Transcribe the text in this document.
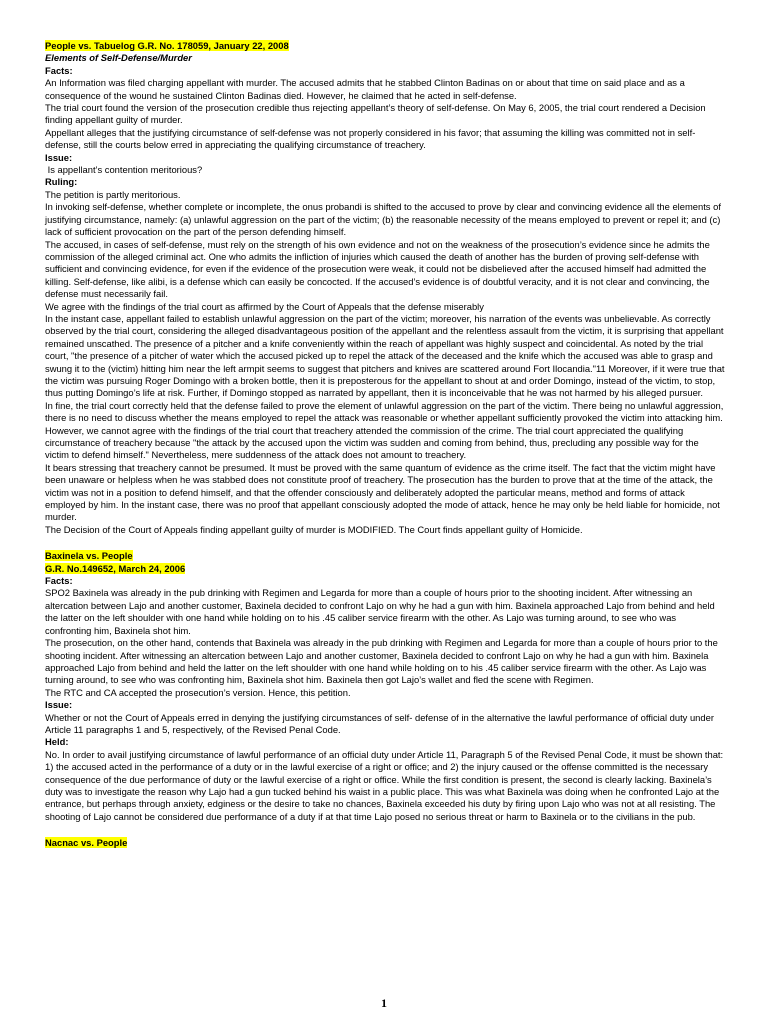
People vs. Tabuelog G.R. No. 178059, January 22, 2008
Elements of Self-Defense/Murder
Facts:

An Information was filed charging appellant with murder. The accused admits that he stabbed Clinton Badinas on or about that time on said place and as a consequence of the wound he sustained Clinton Badinas died. However, he claimed that he acted in self-defense.

The trial court found the version of the prosecution credible thus rejecting appellant’s theory of self-defense. On May 6, 2005, the trial court rendered a Decision finding appellant guilty of murder.

Appellant alleges that the justifying circumstance of self-defense was not properly considered in his favor; that assuming the killing was committed not in self-defense, still the courts below erred in appreciating the qualifying circumstance of treachery.

Issue:

Is appellant’s contention meritorious?

Ruling:

The petition is partly meritorious.

In invoking self-defense, whether complete or incomplete, the onus probandi is shifted to the accused to prove by clear and convincing evidence all the elements of justifying circumstance, namely: (a) unlawful aggression on the part of the victim; (b) the reasonable necessity of the means employed to prevent or repel it; and (c) lack of sufficient provocation on the part of the person defending himself.

The accused, in cases of self-defense, must rely on the strength of his own evidence and not on the weakness of the prosecution’s evidence since he admits the commission of the alleged criminal act. One who admits the infliction of injuries which caused the death of another has the burden of proving self-defense with sufficient and convincing evidence, for even if the evidence of the prosecution were weak, it could not be disbelieved after the accused himself had admitted the killing. Self-defense, like alibi, is a defense which can easily be concocted. If the accused’s evidence is of doubtful veracity, and it is not clear and convincing, the defense must necessarily fail.

We agree with the findings of the trial court as affirmed by the Court of Appeals that the defense miserably

In the instant case, appellant failed to establish unlawful aggression on the part of the victim; moreover, his narration of the events was unbelievable. As correctly observed by the trial court, considering the alleged disadvantageous position of the appellant and the relentless assault from the victim, it is surprising that appellant remained unscathed. The presence of a pitcher and a knife conveniently within the reach of appellant was highly suspect and coincidental. As noted by the trial court, "the presence of a pitcher of water which the accused picked up to repel the attack of the deceased and the knife which the accused was able to grasp and swung it to the (victim) hitting him near the left armpit seems to suggest that pitchers and knives are scattered around Fort Ilocandia."11 Moreover, if it were true that the victim was pursuing Roger Domingo with a broken bottle, then it is preposterous for the appellant to shout at and order Domingo, instead of the victim, to stop, thus putting Domingo’s life at risk. Further, if Domingo stopped as narrated by appellant, then it is inconceivable that he was not harmed by his alleged pursuer.

In fine, the trial court correctly held that the defense failed to prove the element of unlawful aggression on the part of the victim. There being no unlawful aggression, there is no need to discuss whether the means employed to repel the attack was reasonable or whether appellant sufficiently provoked the victim into attacking him.

However, we cannot agree with the findings of the trial court that treachery attended the commission of the crime. The trial court appreciated the qualifying circumstance of treachery because "the attack by the accused upon the victim was sudden and coming from behind, thus, precluding any possible way for the victim to defend himself." Nevertheless, mere suddenness of the attack does not amount to treachery.

It bears stressing that treachery cannot be presumed. It must be proved with the same quantum of evidence as the crime itself. The fact that the victim might have been unaware or helpless when he was stabbed does not constitute proof of treachery. The prosecution has the burden to prove that at the time of the attack, the victim was not in a position to defend himself, and that the offender consciously and deliberately adopted the particular means, method and forms of attack employed by him. In the instant case, there was no proof that appellant consciously adopted the mode of attack, hence he may only be held liable for homicide, not murder.

The Decision of the Court of Appeals finding appellant guilty of murder is MODIFIED. The Court finds appellant guilty of Homicide.

Baxinela vs. People
G.R. No.149652, March 24, 2006
Facts:

SPO2 Baxinela was already in the pub drinking with Regimen and Legarda for more than a couple of hours prior to the shooting incident. After witnessing an altercation between Lajo and another customer, Baxinela decided to confront Lajo on why he had a gun with him. Baxinela approached Lajo from behind and held the latter on the left shoulder with one hand while holding on to his .45 caliber service firearm with the other. As Lajo was turning around, to see who was confronting him, Baxinela shot him.

The prosecution, on the other hand, contends that Baxinela was already in the pub drinking with Regimen and Legarda for more than a couple of hours prior to the shooting incident. After witnessing an altercation between Lajo and another customer, Baxinela decided to confront Lajo on why he had a gun with him. Baxinela approached Lajo from behind and held the latter on the left shoulder with one hand while holding on to his .45 caliber service firearm with the other. As Lajo was turning around, to see who was confronting him, Baxinela shot him. Baxinela then got Lajo’s wallet and fled the scene with Regimen.

The RTC and CA accepted the prosecution’s version. Hence, this petition.

Issue:

Whether or not the Court of Appeals erred in denying the justifying circumstances of self- defense of in the alternative the lawful performance of official duty under Article 11 paragraphs 1 and 5, respectively, of the Revised Penal Code.

Held:

No. In order to avail justifying circumstance of lawful performance of an official duty under Article 11, Paragraph 5 of the Revised Penal Code, it must be shown that: 1) the accused acted in the performance of a duty or in the lawful exercise of a right or office; and 2) the injury caused or the offense committed is the necessary consequence of the due performance of duty or the lawful exercise of a right or office. While the first condition is present, the second is clearly lacking. Baxinela’s duty was to investigate the reason why Lajo had a gun tucked behind his waist in a public place. This was what Baxinela was doing when he confronted Lajo at the entrance, but perhaps through anxiety, edginess or the desire to take no chances, Baxinela exceeded his duty by firing upon Lajo who was not at all resisting. The shooting of Lajo cannot be considered due performance of a duty if at that time Lajo posed no serious threat or harm to Baxinela or to the civilians in the pub.

Nacnac vs. People
1
